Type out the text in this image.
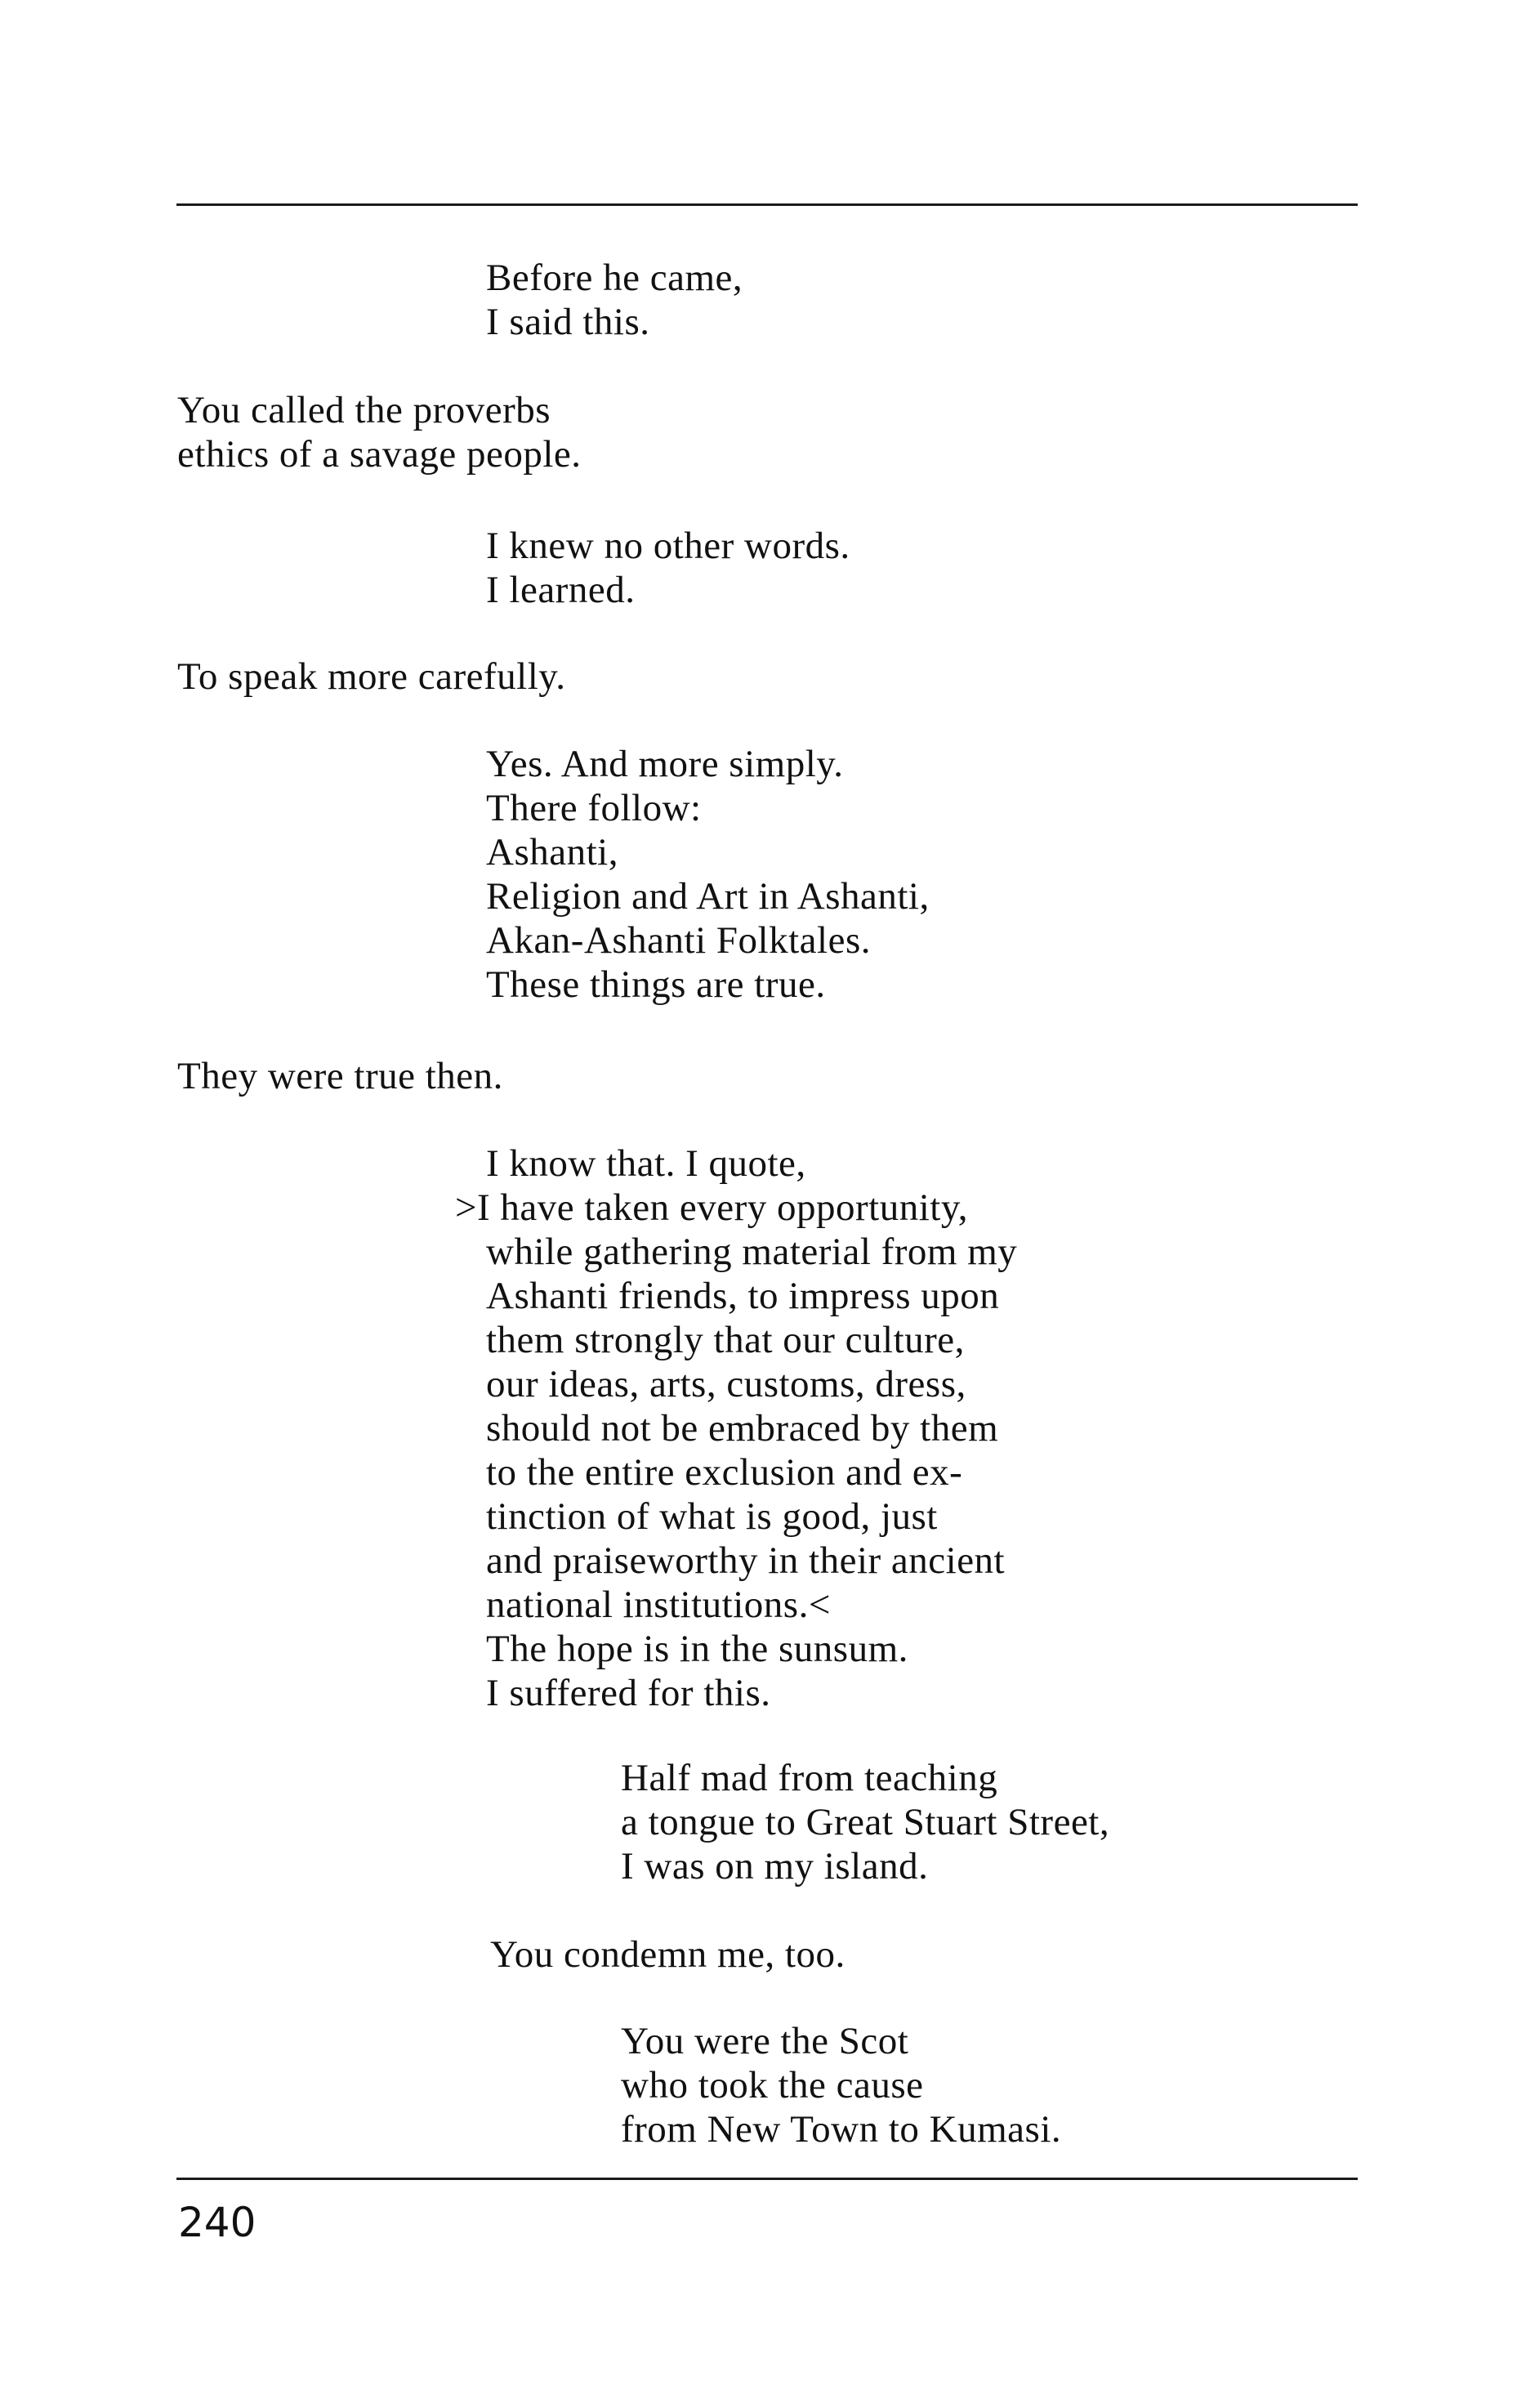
Before he came,
I said this.
You called the proverbs
ethics of a savage people.
I knew no other words.
I learned.
To speak more carefully.
Yes. And more simply.
There follow:
Ashanti,
Religion and Art in Ashanti,
Akan-Ashanti Folktales.
These things are true.
They were true then.
I know that. I quote,
>I have taken every opportunity,
while gathering material from my
Ashanti friends, to impress upon
them strongly that our culture,
our ideas, arts, customs, dress,
should not be embraced by them
to the entire exclusion and ex-
tinction of what is good, just
and praiseworthy in their ancient
national institutions.<
The hope is in the sunsum.
I suffered for this.
Half mad from teaching
a tongue to Great Stuart Street,
I was on my island.
You condemn me, too.
You were the Scot
who took the cause
from New Town to Kumasi.
240
